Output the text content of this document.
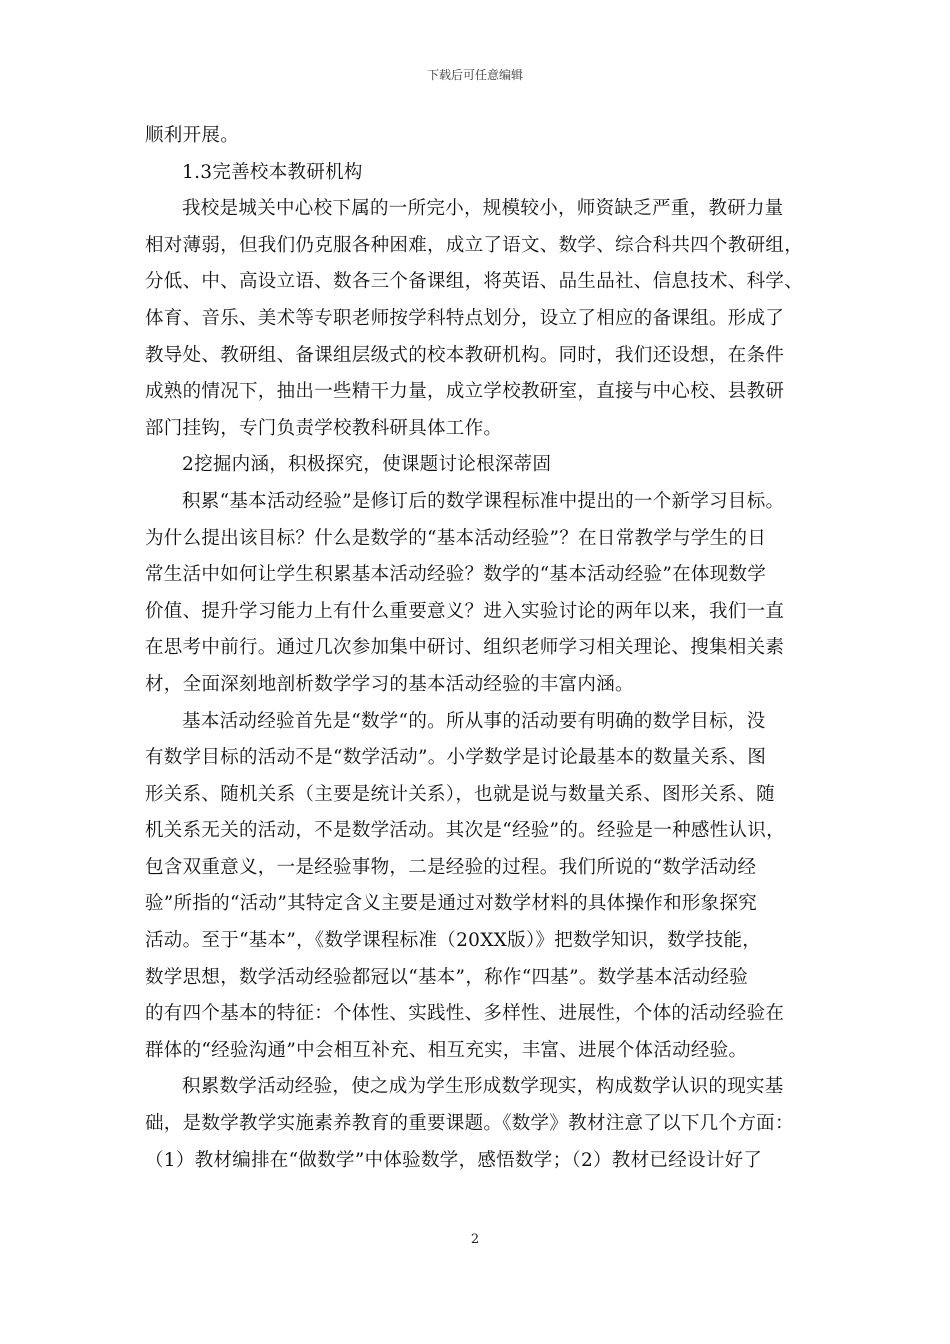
下载后可任意编辑
顺利开展。
1.3完善校本教研机构
我校是城关中心校下属的一所完小，规模较小，师资缺乏严重，教研力量
相对薄弱，但我们仍克服各种困难，成立了语文、数学、综合科共四个教研组，
分低、中、高设立语、数各三个备课组，将英语、品生品社、信息技术、科学、
体育、音乐、美术等专职老师按学科特点划分，设立了相应的备课组。形成了
教导处、教研组、备课组层级式的校本教研机构。同时，我们还设想，在条件
成熟的情况下，抽出一些精干力量，成立学校教研室，直接与中心校、县教研
部门挂钩，专门负责学校教科研具体工作。
2挖掘内涵，积极探究，使课题讨论根深蒂固
积累“基本活动经验”是修订后的数学课程标准中提出的一个新学习目标。
为什么提出该目标？什么是数学的“基本活动经验”？在日常教学与学生的日
常生活中如何让学生积累基本活动经验？数学的“基本活动经验”在体现数学
价值、提升学习能力上有什么重要意义？进入实验讨论的两年以来，我们一直
在思考中前行。通过几次参加集中研讨、组织老师学习相关理论、搜集相关素
材，全面深刻地剖析数学学习的基本活动经验的丰富内涵。
基本活动经验首先是“数学“的。所从事的活动要有明确的数学目标，没
有数学目标的活动不是“数学活动”。小学数学是讨论最基本的数量关系、图
形关系、随机关系（主要是统计关系），也就是说与数量关系、图形关系、随
机关系无关的活动，不是数学活动。其次是“经验”的。经验是一种感性认识，
包含双重意义，一是经验事物，二是经验的过程。我们所说的“数学活动经
验”所指的“活动”其特定含义主要是通过对数学材料的具体操作和形象探究
活动。至于“基本”，《数学课程标准（20XX版）》把数学知识，数学技能，
数学思想，数学活动经验都冠以“基本”，称作“四基”。数学基本活动经验
的有四个基本的特征：个体性、实践性、多样性、进展性，个体的活动经验在
群体的“经验沟通”中会相互补充、相互充实，丰富、进展个体活动经验。
积累数学活动经验，使之成为学生形成数学现实，构成数学认识的现实基
础，是数学教学实施素养教育的重要课题。《数学》教材注意了以下几个方面：
（1）教材编排在“做数学”中体验数学，感悟数学；（2）教材已经设计好了
2
